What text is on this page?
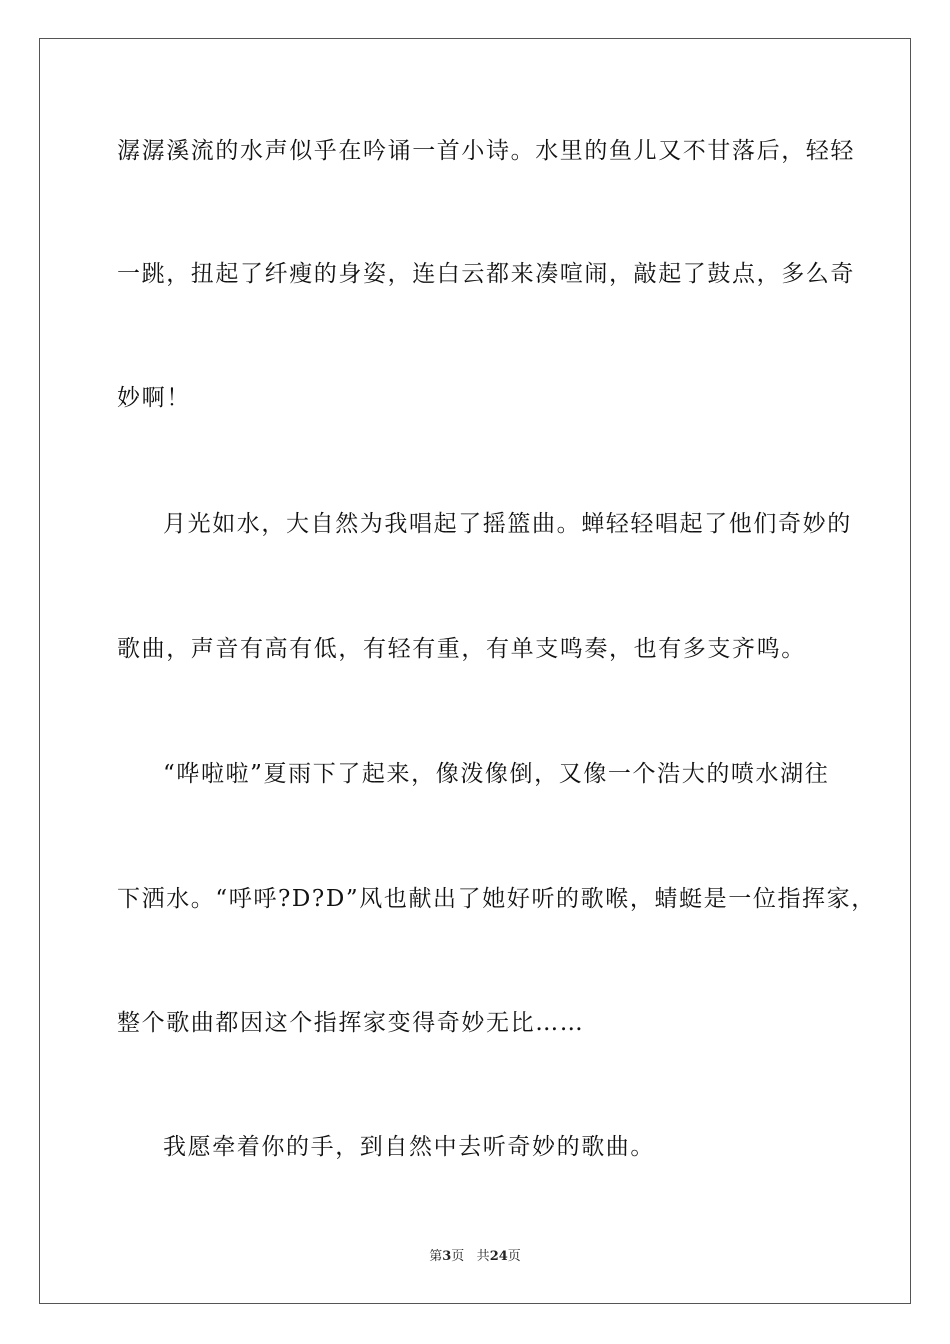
潺潺溪流的水声似乎在吟诵一首小诗。水里的鱼儿又不甘落后，轻轻
一跳，扭起了纤瘦的身姿，连白云都来凑喧闹，敲起了鼓点，多么奇
妙啊！
月光如水，大自然为我唱起了摇篮曲。蝉轻轻唱起了他们奇妙的
歌曲，声音有高有低，有轻有重，有单支鸣奏，也有多支齐鸣。
“哗啦啦”夏雨下了起来，像泼像倒，又像一个浩大的喷水湖往
下洒水。“呼呼?D?D”风也献出了她好听的歌喉，蜻蜓是一位指挥家，
整个歌曲都因这个指挥家变得奇妙无比……
我愿牵着你的手，到自然中去听奇妙的歌曲。
第3页 共24页
